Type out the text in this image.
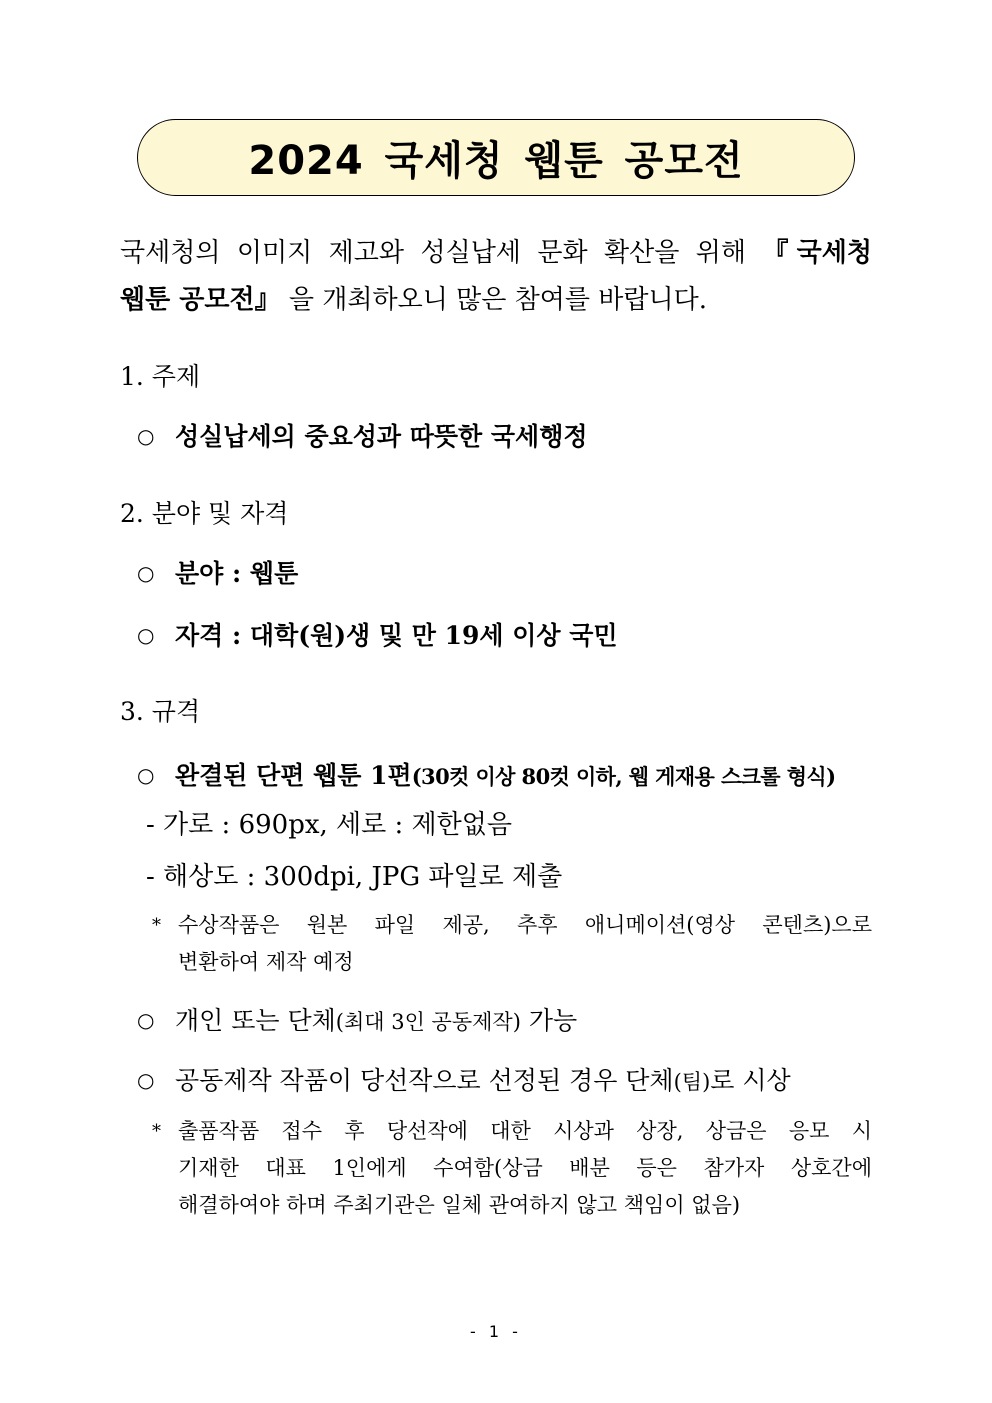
2024 국세청 웹툰 공모전
국세청의 이미지 제고와 성실납세 문화 확산을 위해 『국세청
웹툰 공모전』 을 개최하오니 많은 참여를 바랍니다.
1. 주제
○ 성실납세의 중요성과 따뜻한 국세행정
2. 분야 및 자격
○ 분야 : 웹툰
○ 자격 : 대학(원)생 및 만 19세 이상 국민
3. 규격
○ 완결된 단편 웹툰 1편(30컷 이상 80컷 이하, 웹 게재용 스크롤 형식)
- 가로 : 690px, 세로 : 제한없음
- 해상도 : 300dpi, JPG 파일로 제출
* 수상작품은 원본 파일 제공, 추후 애니메이션(영상 콘텐츠)으로
변환하여 제작 예정
○ 개인 또는 단체(최대 3인 공동제작) 가능
○ 공동제작 작품이 당선작으로 선정된 경우 단체(팀)로 시상
* 출품작품 접수 후 당선작에 대한 시상과 상장, 상금은 응모 시
기재한 대표 1인에게 수여함(상금 배분 등은 참가자 상호간에
해결하여야 하며 주최기관은 일체 관여하지 않고 책임이 없음)
- 1 -
